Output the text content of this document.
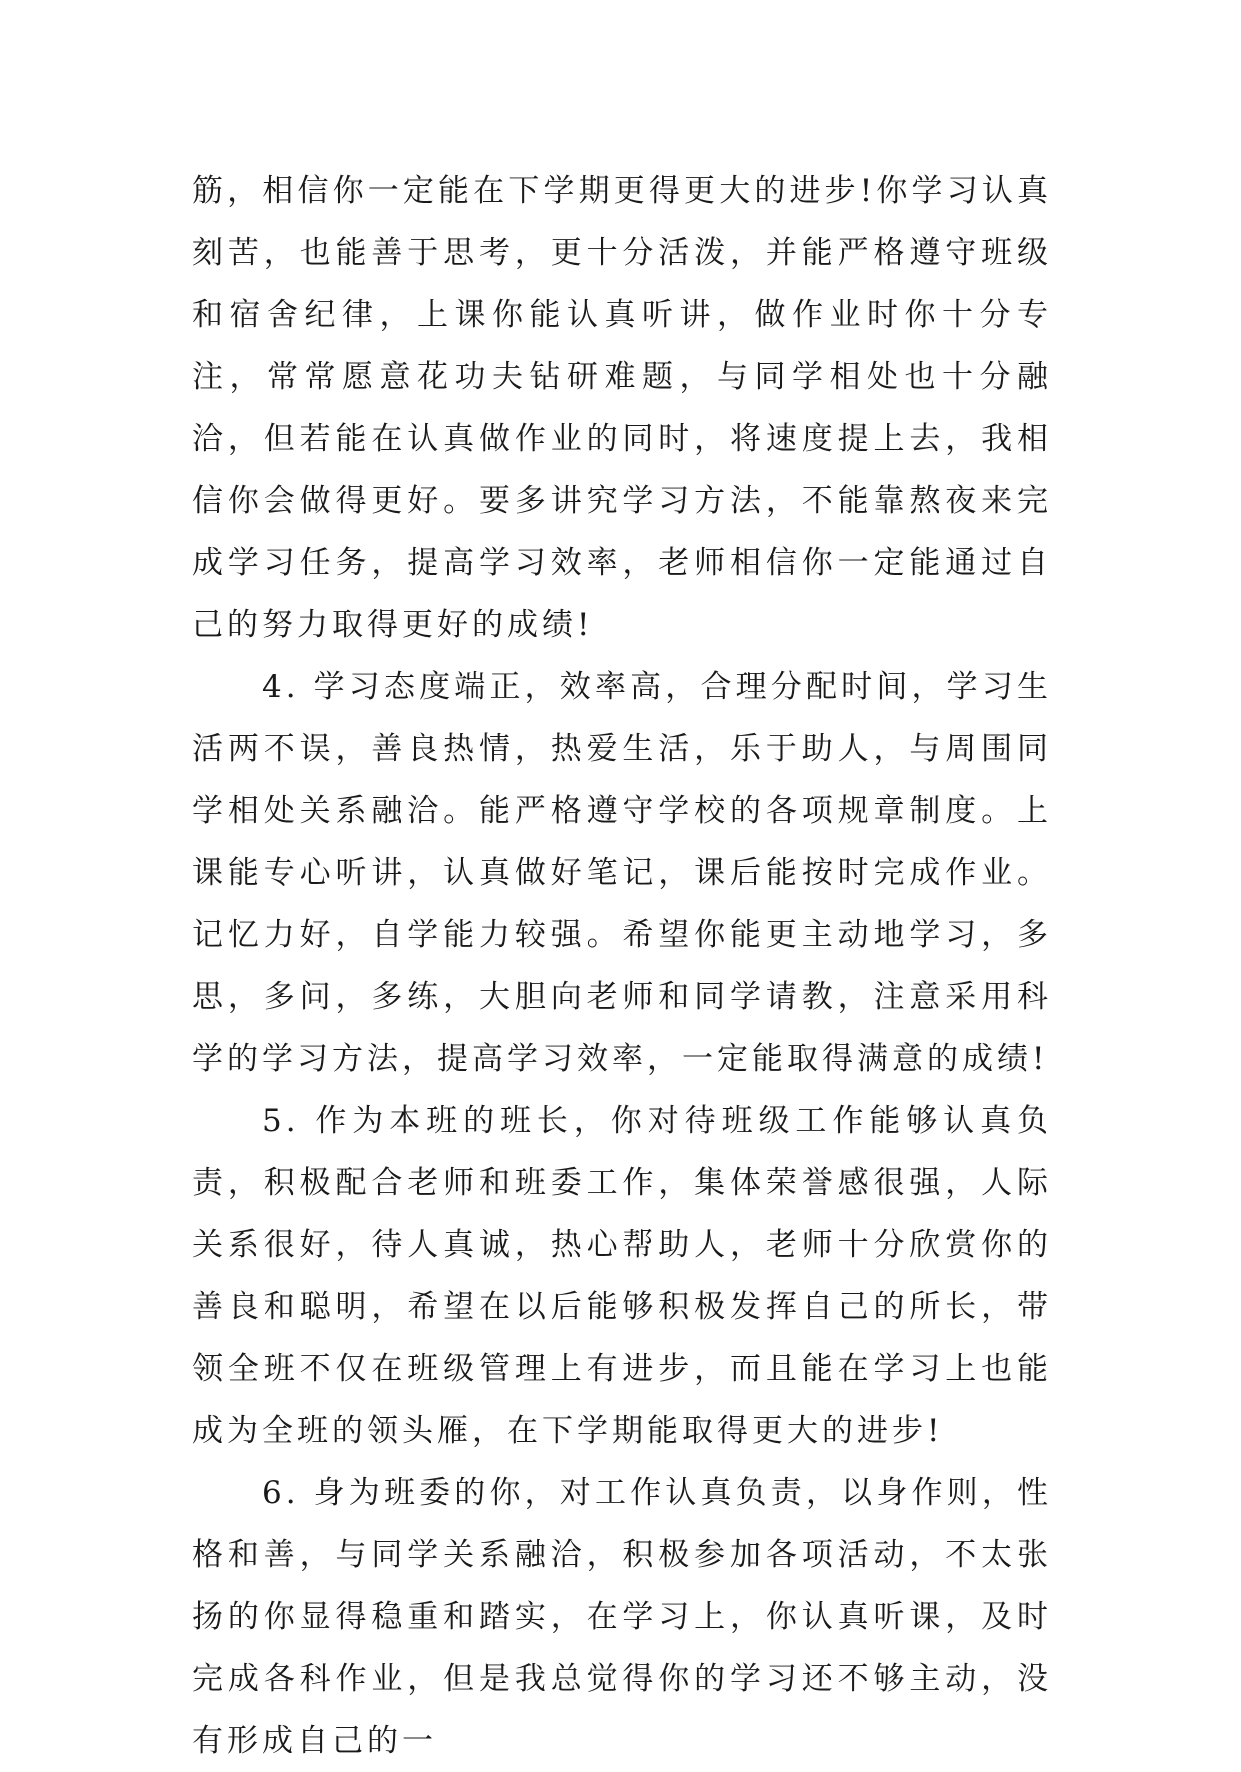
筋，相信你一定能在下学期更得更大的进步!你学习认真刻苦，也能善于思考，更十分活泼，并能严格遵守班级和宿舍纪律，上课你能认真听讲，做作业时你十分专注，常常愿意花功夫钻研难题，与同学相处也十分融洽，但若能在认真做作业的同时，将速度提上去，我相信你会做得更好。要多讲究学习方法，不能靠熬夜来完成学习任务，提高学习效率，老师相信你一定能通过自己的努力取得更好的成绩!

4. 学习态度端正，效率高，合理分配时间，学习生活两不误，善良热情，热爱生活，乐于助人，与周围同学相处关系融洽。能严格遵守学校的各项规章制度。上课能专心听讲，认真做好笔记，课后能按时完成作业。记忆力好，自学能力较强。希望你能更主动地学习，多思，多问，多练，大胆向老师和同学请教，注意采用科学的学习方法，提高学习效率，一定能取得满意的成绩!

5. 作为本班的班长，你对待班级工作能够认真负责，积极配合老师和班委工作，集体荣誉感很强，人际关系很好，待人真诚，热心帮助人，老师十分欣赏你的善良和聪明，希望在以后能够积极发挥自己的所长，带领全班不仅在班级管理上有进步，而且能在学习上也能成为全班的领头雁，在下学期能取得更大的进步!

6. 身为班委的你，对工作认真负责，以身作则，性格和善，与同学关系融洽，积极参加各项活动，不太张扬的你显得稳重和踏实，在学习上，你认真听课，及时完成各科作业，但是我总觉得你的学习还不够主动，没有形成自己的一
